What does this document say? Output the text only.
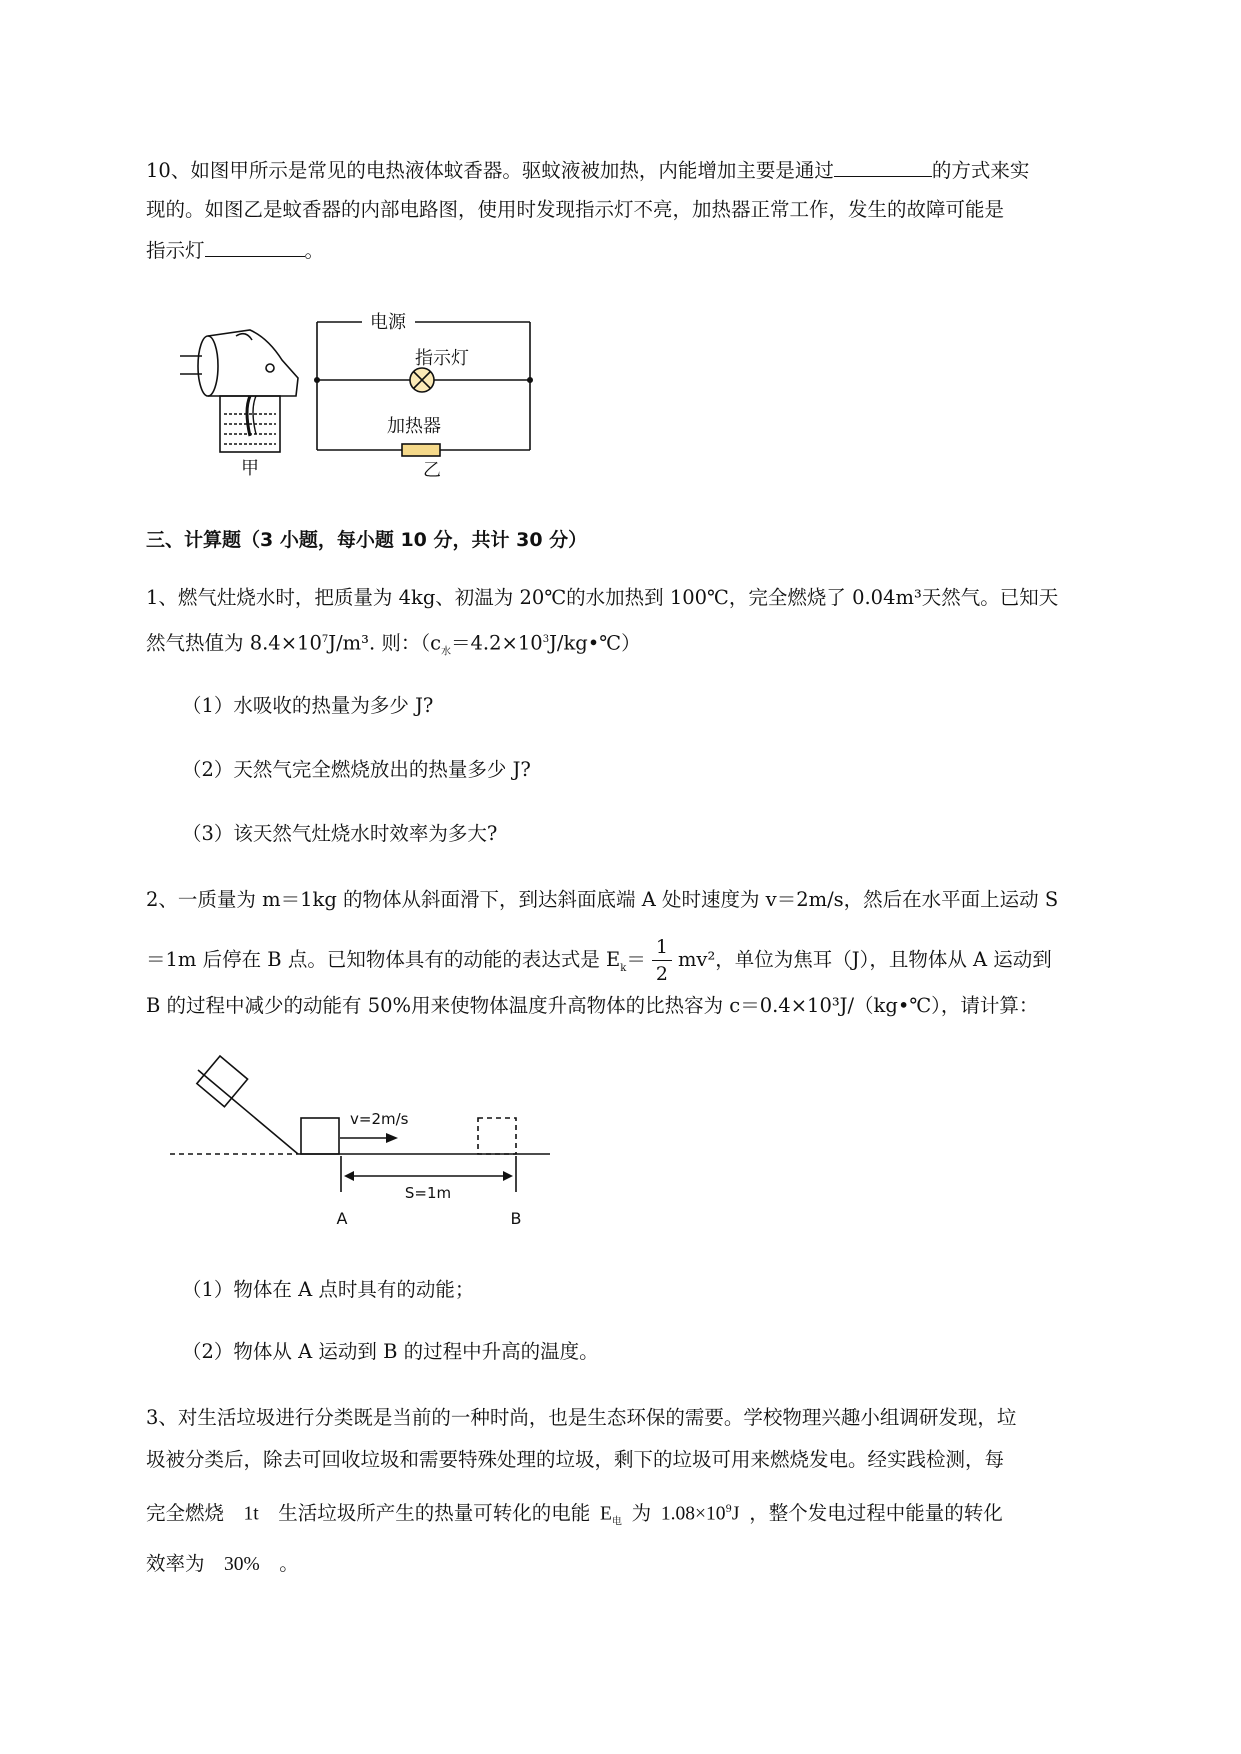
10、如图甲所示是常见的电热液体蚊香器。驱蚊液被加热，内能增加主要是通过	的方式来实
现的。如图乙是蚊香器的内部电路图，使用时发现指示灯不亮，加热器正常工作，发生的故障可能是
指示灯	。
甲
电源
指示灯
加热器
乙
三、计算题（3 小题，每小题 10 分，共计 30 分）
1、燃气灶烧水时，把质量为 4kg、初温为 20℃的水加热到 100℃，完全燃烧了 0.04m³天然气。已知天
然气热值为 $8.4\times 10^7J/m^3$. 则：$(c_水=4.2\times 10^3J/kg•℃)$
（1）水吸收的热量为多少 J?
（2）天然气完全燃烧放出的热量多少 J?
（3）该天然气灶烧水时效率为多大?
2、一质量为 m＝1kg 的物体从斜面滑下，到达斜面底端 A 处时速度为 v＝2m/s，然后在水平面上运动 S
＝1m 后停在 B 点。已知物体具有的动能的表达式是 $E_k= \frac{1}{2} mv^2$，单位为焦耳（J），且物体从 A 运动到
B 的过程中减少的动能有 50%用来使物体温度升高物体的比热容为 c＝0.4×10³J/（kg•℃），请计算：
v=2m/s
S=1m
A	B
（1）物体在 A 点时具有的动能；
（2）物体从 A 运动到 B 的过程中升高的温度。
3、对生活垃圾进行分类既是当前的一种时尚，也是生态环保的需要。学校物理兴趣小组调研发现，垃
圾被分类后，除去可回收垃圾和需要特殊处理的垃圾，剩下的垃圾可用来燃烧发电。经实践检测，每
完全燃烧  1t  生活垃圾所产生的热量可转化的电能  $E_电$  为  $1.08\times 10^9J$  ，整个发电过程中能量的转化
效率为  30%  。
